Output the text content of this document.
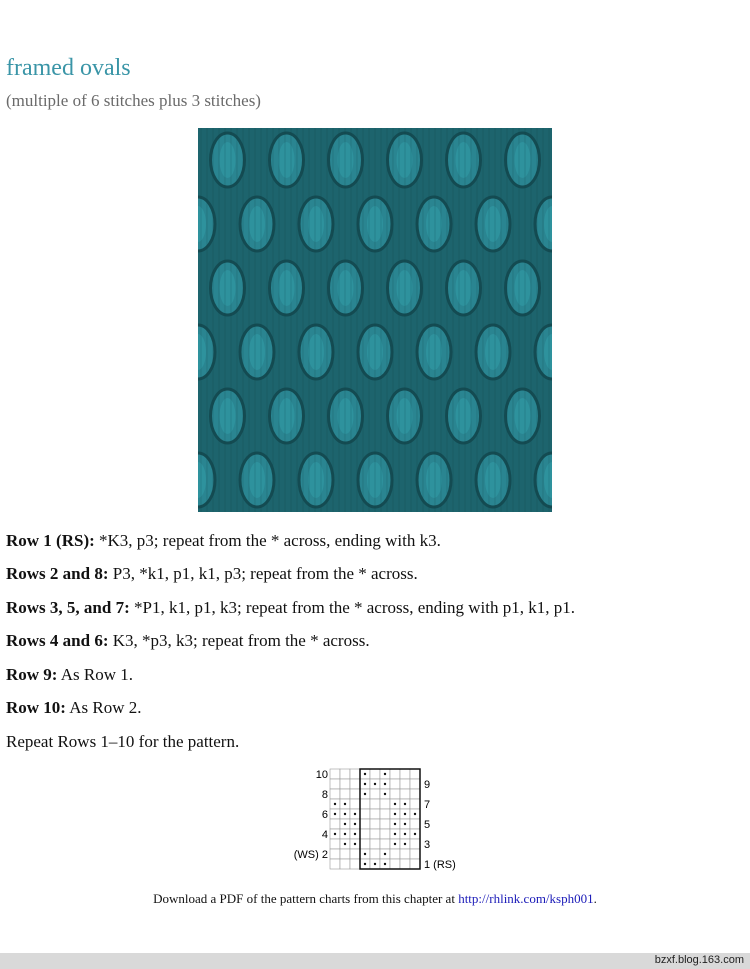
framed ovals
(multiple of 6 stitches plus 3 stitches)
Row 1 (RS): *K3, p3; repeat from the * across, ending with k3.
Rows 2 and 8: P3, *k1, p1, k1, p3; repeat from the * across.
Rows 3, 5, and 7: *P1, k1, p1, k3; repeat from the * across, ending with p1, k1, p1.
Rows 4 and 6: K3, *p3, k3; repeat from the * across.
Row 9: As Row 1.
Row 10: As Row 2.
Repeat Rows 1–10 for the pattern.
10
8
6
4
(WS) 2
9
7
5
3
1 (RS)
Download a PDF of the pattern charts from this chapter at http://rhlink.com/ksph001.
bzxf.blog.163.com
